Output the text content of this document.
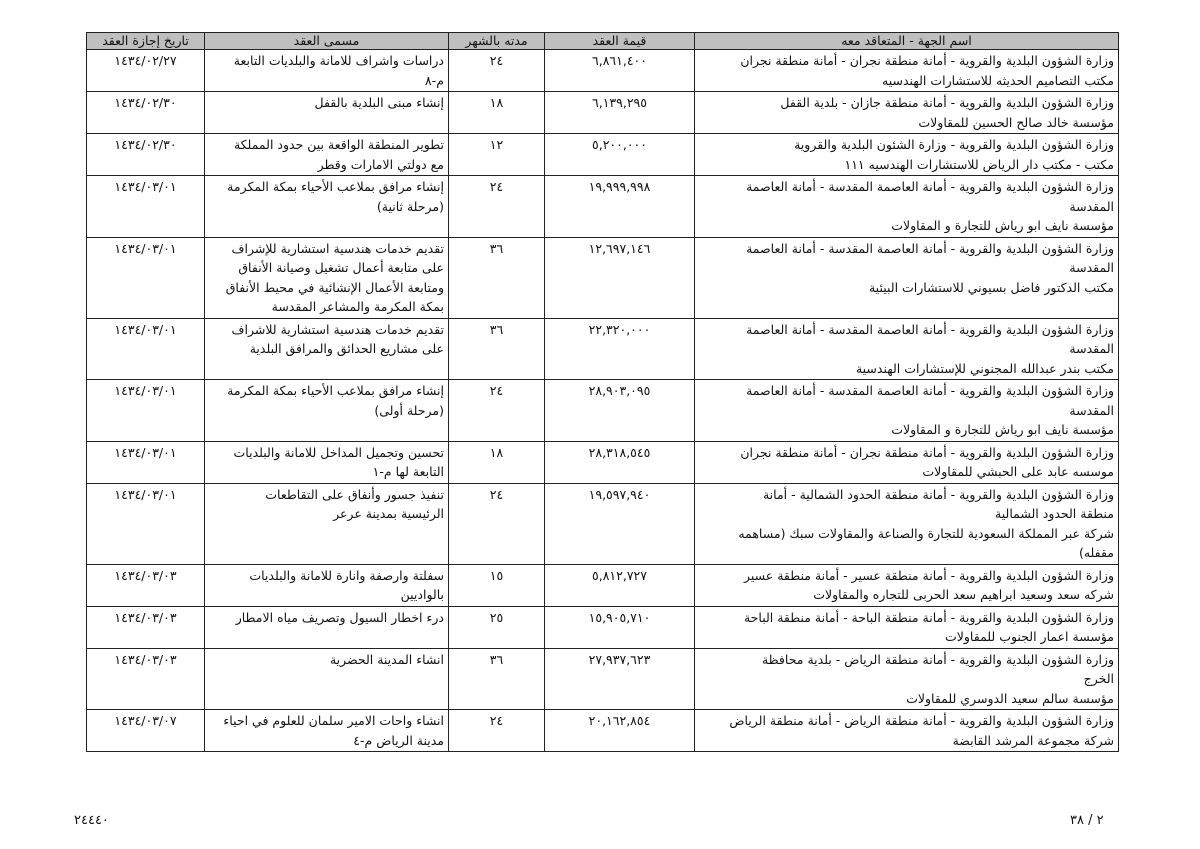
اسم الجهة - المتعاقد معه	قيمة العقد	مدته بالشهر	مسمى العقد	تاريخ إجازة العقد

وزارة الشؤون البلدية والقروية - أمانة منطقة نجران - أمانة منطقة نجران
مكتب التصاميم الحديثه للاستشارات الهندسيه	٦,٨٦١,٤٠٠	٢٤	دراسات واشراف للامانة والبلديات التابعة
م-٨	١٤٣٤/٠٢/٢٧

وزارة الشؤون البلدية والقروية - أمانة منطقة جازان - بلدية القفل
مؤسسة خالد صالح الحسين للمقاولات	٦,١٣٩,٢٩٥	١٨	إنشاء مبنى البلدية بالقفل	١٤٣٤/٠٢/٣٠

وزارة الشؤون البلدية والقروية - وزارة الشئون البلدية والقروية
مكتب - مكتب دار الرياض للاستشارات الهندسيه ١١١	٥,٢٠٠,٠٠٠	١٢	تطوير المنطقة الواقعة بين حدود المملكة
مع دولتي الامارات وقطر	١٤٣٤/٠٢/٣٠

وزارة الشؤون البلدية والقروية - أمانة العاصمة المقدسة - أمانة العاصمة
المقدسة
مؤسسة نايف ابو رياش للتجارة و المقاولات	١٩,٩٩٩,٩٩٨	٢٤	إنشاء مرافق بملاعب الأحياء بمكة المكرمة
(مرحلة ثانية)	١٤٣٤/٠٣/٠١

وزارة الشؤون البلدية والقروية - أمانة العاصمة المقدسة - أمانة العاصمة
المقدسة
مكتب الدكتور فاضل بسيوني للاستشارات البيئية	١٢,٦٩٧,١٤٦	٣٦	تقديم خدمات هندسية استشارية للإشراف
على متابعة أعمال تشغيل وصيانة الأنفاق
ومتابعة الأعمال الإنشائية في محيط الأنفاق
بمكة المكرمة والمشاعر المقدسة	١٤٣٤/٠٣/٠١

وزارة الشؤون البلدية والقروية - أمانة العاصمة المقدسة - أمانة العاصمة
المقدسة
مكتب بندر عبدالله المجنوني للإستشارات الهندسية	٢٢,٣٢٠,٠٠٠	٣٦	تقديم خدمات هندسية استشارية للاشراف
على مشاريع الحدائق والمرافق البلدية	١٤٣٤/٠٣/٠١

وزارة الشؤون البلدية والقروية - أمانة العاصمة المقدسة - أمانة العاصمة
المقدسة
مؤسسة نايف ابو رياش للتجارة و المقاولات	٢٨,٩٠٣,٠٩٥	٢٤	إنشاء مرافق بملاعب الأحياء بمكة المكرمة
(مرحلة أولى)	١٤٣٤/٠٣/٠١

وزارة الشؤون البلدية والقروية - أمانة منطقة نجران - أمانة منطقة نجران
موسسه عابد على الحبشي للمقاولات	٢٨,٣١٨,٥٤٥	١٨	تحسين وتجميل المداخل للامانة والبلديات
التابعة لها م-١	١٤٣٤/٠٣/٠١

وزارة الشؤون البلدية والقروية - أمانة منطقة الحدود الشمالية - أمانة
منطقة الحدود الشمالية
شركة عبر المملكة السعودية للتجارة والصناعة والمقاولات سبك (مساهمه
مقفله)	١٩,٥٩٧,٩٤٠	٢٤	تنفيذ جسور وأنفاق على التقاطعات
الرئيسية بمدينة عرعر	١٤٣٤/٠٣/٠١

وزارة الشؤون البلدية والقروية - أمانة منطقة عسير - أمانة منطقة عسير
شركه سعد وسعيد ابراهيم سعد الحربى للتجاره والمقاولات	٥,٨١٢,٧٢٧	١٥	سفلتة وارصفة وانارة للامانة والبلديات
بالواديين	١٤٣٤/٠٣/٠٣

وزارة الشؤون البلدية والقروية - أمانة منطقة الباحة - أمانة منطقة الباحة
مؤسسة اعمار الجنوب للمقاولات	١٥,٩٠٥,٧١٠	٢٥	درء اخطار السيول وتصريف مياه الامطار	١٤٣٤/٠٣/٠٣

وزارة الشؤون البلدية والقروية - أمانة منطقة الرياض - بلدية محافظة
الخرج
مؤسسة سالم سعيد الدوسري للمقاولات	٢٧,٩٣٧,٦٢٣	٣٦	انشاء المدينة الحضرية	١٤٣٤/٠٣/٠٣

وزارة الشؤون البلدية والقروية - أمانة منطقة الرياض - أمانة منطقة الرياض
شركة مجموعة المرشد القابضة	٢٠,١٦٢,٨٥٤	٢٤	انشاء واحات الامير سلمان للعلوم في احياء
مدينة الرياض م-٤	١٤٣٤/٠٣/٠٧
٢ / ٣٨
٢٤٤٤٠
